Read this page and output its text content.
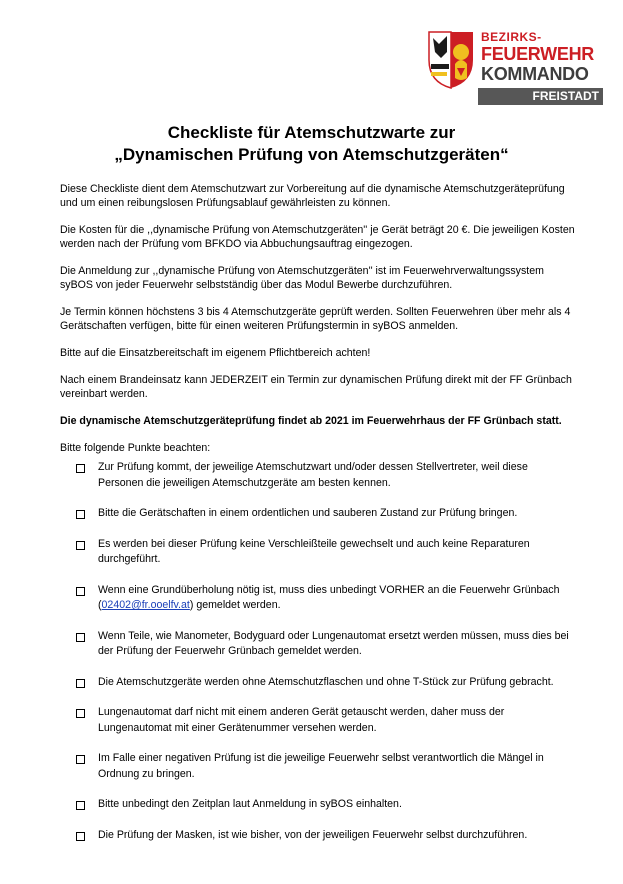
BEZIRKS-
FEUERWEHR
KOMMANDO
FREISTADT
Checkliste für Atemschutzwarte zur
„Dynamischen Prüfung von Atemschutzgeräten“

Diese Checkliste dient dem Atemschutzwart zur Vorbereitung auf die dynamische Atemschutzgeräteprüfung und um einen reibungslosen Prüfungsablauf gewährleisten zu können.

Die Kosten für die ,,dynamische Prüfung von Atemschutzgeräten'' je Gerät beträgt 20 €. Die jeweiligen Kosten werden nach der Prüfung vom BFKDO via Abbuchungsauftrag eingezogen.

Die Anmeldung zur ,,dynamische Prüfung von Atemschutzgeräten'' ist im Feuerwehrverwaltungssystem syBOS von jeder Feuerwehr selbstständig über das Modul Bewerbe durchzuführen.

Je Termin können höchstens 3 bis 4 Atemschutzgeräte geprüft werden. Sollten Feuerwehren über mehr als 4 Gerätschaften verfügen, bitte für einen weiteren Prüfungstermin in syBOS anmelden.

Bitte auf die Einsatzbereitschaft im eigenem Pflichtbereich achten!

Nach einem Brandeinsatz kann JEDERZEIT ein Termin zur dynamischen Prüfung direkt mit der FF Grünbach vereinbart werden.

Die dynamische Atemschutzgeräteprüfung findet ab 2021 im Feuerwehrhaus der FF Grünbach statt.

Bitte folgende Punkte beachten:

Zur Prüfung kommt, der jeweilige Atemschutzwart und/oder dessen Stellvertreter, weil diese Personen die jeweiligen Atemschutzgeräte am besten kennen.
Bitte die Gerätschaften in einem ordentlichen und sauberen Zustand zur Prüfung bringen.
Es werden bei dieser Prüfung keine Verschleißteile gewechselt und auch keine Reparaturen durchgeführt.
Wenn eine Grundüberholung nötig ist, muss dies unbedingt VORHER an die Feuerwehr Grünbach (02402@fr.ooelfv.at) gemeldet werden.
Wenn Teile, wie Manometer, Bodyguard oder Lungenautomat ersetzt werden müssen, muss dies bei der Prüfung der Feuerwehr Grünbach gemeldet werden.
Die Atemschutzgeräte werden ohne Atemschutzflaschen und ohne T-Stück zur Prüfung gebracht.
Lungenautomat darf nicht mit einem anderen Gerät getauscht werden, daher muss der Lungenautomat mit einer Gerätenummer versehen werden.
Im Falle einer negativen Prüfung ist die jeweilige Feuerwehr selbst verantwortlich die Mängel in Ordnung zu bringen.
Bitte unbedingt den Zeitplan laut Anmeldung in syBOS einhalten.
Die Prüfung der Masken, ist wie bisher, von der jeweiligen Feuerwehr selbst durchzuführen.
